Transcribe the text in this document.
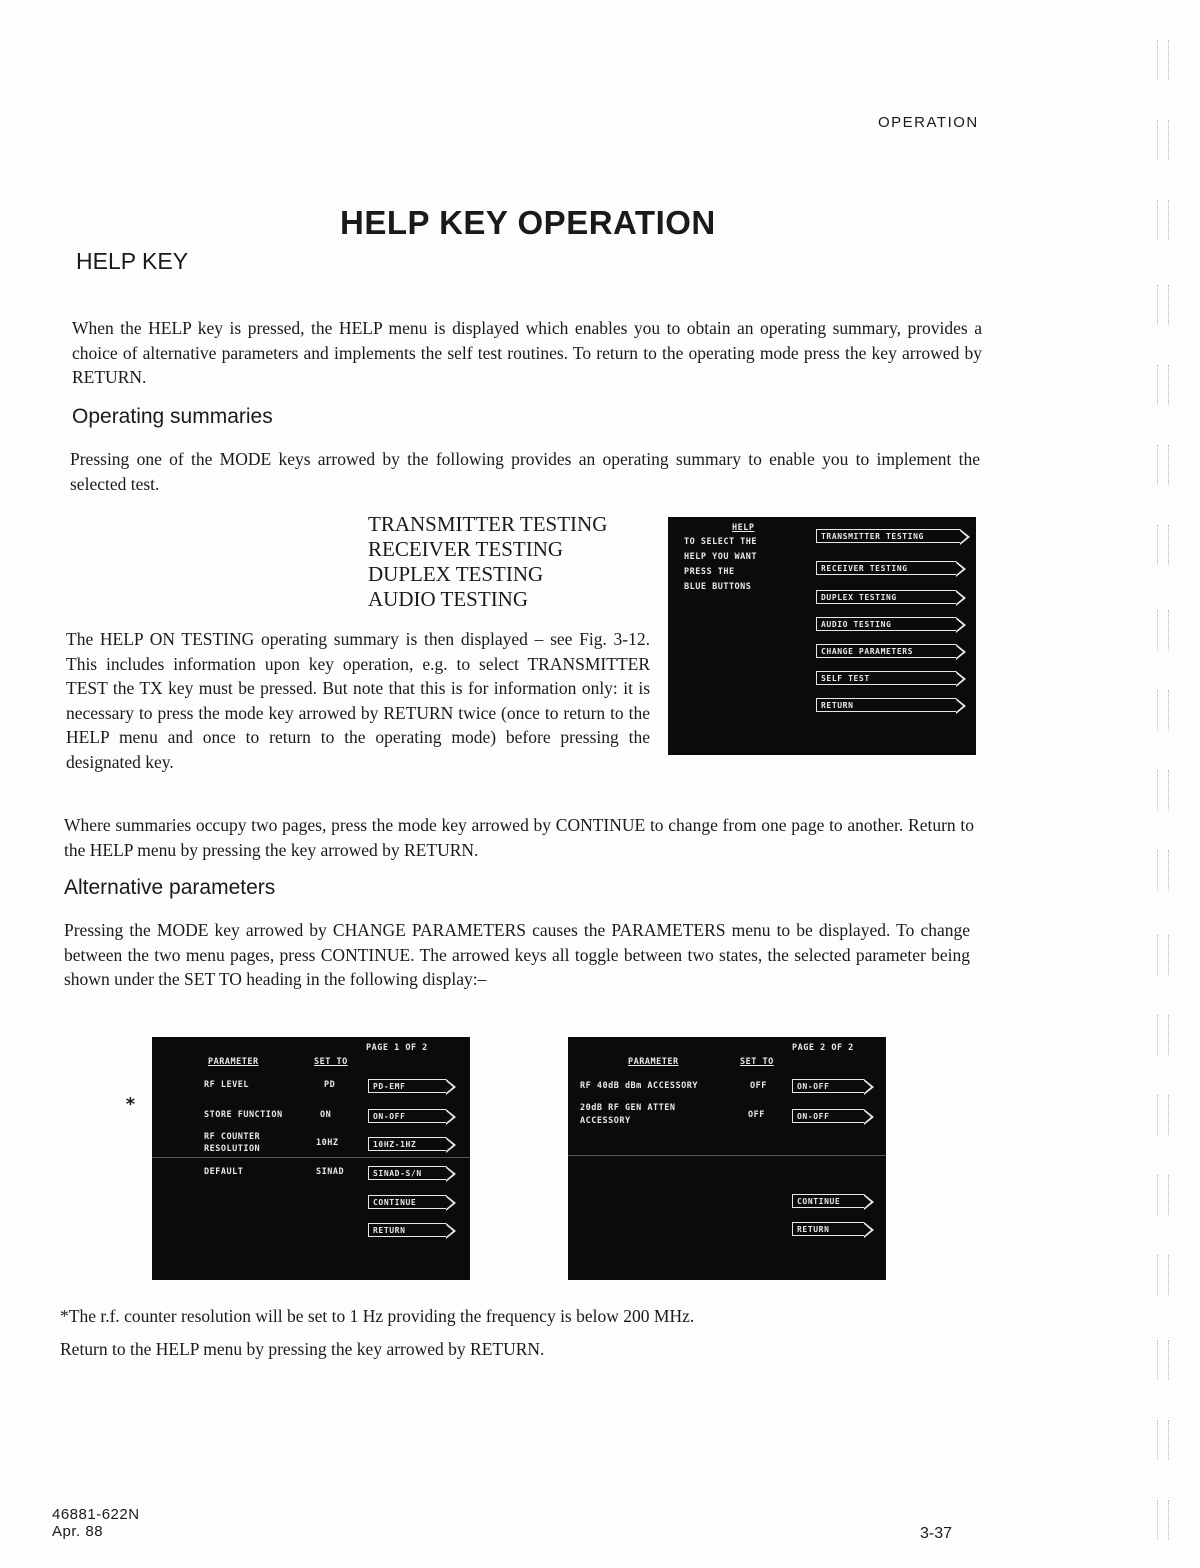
OPERATION
HELP KEY OPERATION
HELP KEY

When the HELP key is pressed, the HELP menu is displayed which enables you to obtain an operating summary, provides a choice of alternative parameters and implements the self test routines. To return to the operating mode press the key arrowed by RETURN.

Operating summaries

Pressing one of the MODE keys arrowed by the following provides an operating summary to enable you to implement the selected test.

TRANSMITTER TESTING
RECEIVER TESTING
DUPLEX TESTING
AUDIO TESTING
HELP
TO SELECT THE
HELP YOU WANT
PRESS THE
BLUE BUTTONS
TRANSMITTER TESTING
RECEIVER TESTING
DUPLEX TESTING
AUDIO TESTING
CHANGE PARAMETERS
SELF TEST
RETURN

The HELP ON TESTING operating summary is then displayed – see Fig. 3-12. This includes information upon key operation, e.g. to select TRANSMITTER TEST the TX key must be pressed. But note that this is for information only: it is necessary to press the mode key arrowed by RETURN twice (once to return to the HELP menu and once to return to the operating mode) before pressing the designated key.

Where summaries occupy two pages, press the mode key arrowed by CONTINUE to change from one page to another. Return to the HELP menu by pressing the key arrowed by RETURN.

Alternative parameters

Pressing the MODE key arrowed by CHANGE PARAMETERS causes the PARAMETERS menu to be displayed. To change between the two menu pages, press CONTINUE. The arrowed keys all toggle between two states, the selected parameter being shown under the SET TO heading in the following display:–

*
PAGE 1 OF 2
PARAMETER	SET TO
RF LEVEL	PD	PD-EMF
STORE FUNCTION	ON	ON-OFF
RF COUNTER
RESOLUTION
10HZ	10HZ-1HZ
DEFAULT	SINAD	SINAD-S/N
CONTINUE
RETURN
PAGE 2 OF 2
PARAMETER	SET TO
RF 40dB dBm ACCESSORY	OFF	ON-OFF
20dB RF GEN ATTEN
ACCESSORY
OFF	ON-OFF
CONTINUE
RETURN
*The r.f. counter resolution will be set to 1 Hz providing the frequency is below 200 MHz.
Return to the HELP menu by pressing the key arrowed by RETURN.
46881-622N
Apr. 88	3-37
